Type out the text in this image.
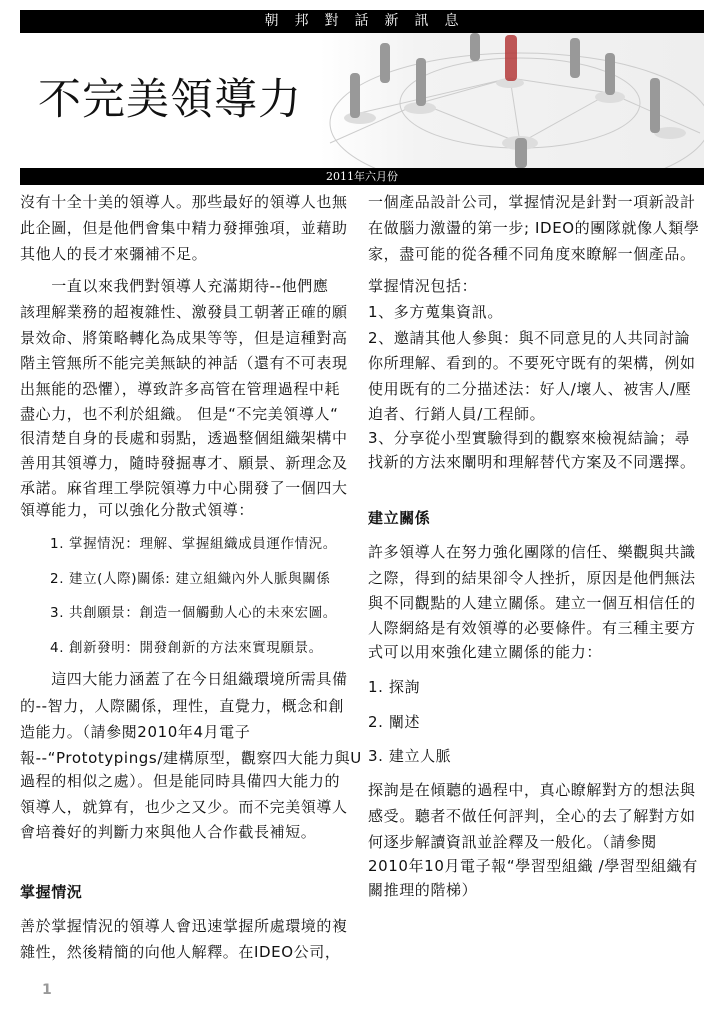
朝　邦　對　話　新　訊　息
不完美領導力
2011年六月份
沒有十全十美的領導人。那些最好的領導人也無
此企圖，但是他們會集中精力發揮強項，並藉助
其他人的長才來彌補不足。
　　一直以來我們對領導人充滿期待--他們應
該理解業務的超複雜性、激發員工朝著正確的願
景效命、將策略轉化為成果等等，但是這種對高
階主管無所不能完美無缺的神話（還有不可表現
出無能的恐懼），導致許多高管在管理過程中耗
盡心力，也不利於組織。 但是“不完美領導人“
很清楚自身的長處和弱點，透過整個組織架構中
善用其領導力，隨時發掘專才、願景、新理念及
承諾。麻省理工學院領導力中心開發了一個四大
領導能力，可以強化分散式領導：
1. 掌握情況：理解、掌握組織成員運作情況。
2. 建立(人際)關係: 建立組織內外人脈與關係
3. 共創願景：創造一個觸動人心的未來宏圖。
4. 創新發明：開發創新的方法來實現願景。
　　這四大能力涵蓋了在今日組織環境所需具備
的--智力，人際關係，理性，直覺力，概念和創
造能力。（請參閱2010年4月電子
報--“Prototypings/建構原型，觀察四大能力與U
過程的相似之處）。但是能同時具備四大能力的
領導人，就算有，也少之又少。而不完美領導人
會培養好的判斷力來與他人合作截長補短。
掌握情況
善於掌握情況的領導人會迅速掌握所處環境的複
雜性，然後精簡的向他人解釋。在IDEO公司，
一個產品設計公司，掌握情況是針對一項新設計
在做腦力激盪的第一步; IDEO的團隊就像人類學
家，盡可能的從各種不同角度來瞭解一個產品。
掌握情況包括：
1、多方蒐集資訊。
2、邀請其他人參與：與不同意見的人共同討論
你所理解、看到的。不要死守既有的架構，例如
使用既有的二分描述法：好人/壞人、被害人/壓
迫者、行銷人員/工程師。
3、分享從小型實驗得到的觀察來檢視結論；尋
找新的方法來闡明和理解替代方案及不同選擇。
建立關係
許多領導人在努力強化團隊的信任、樂觀與共識
之際，得到的結果卻令人挫折，原因是他們無法
與不同觀點的人建立關係。建立一個互相信任的
人際網絡是有效領導的必要條件。有三種主要方
式可以用來強化建立關係的能力：
1. 探詢
2. 闡述
3. 建立人脈
探詢是在傾聽的過程中，真心瞭解對方的想法與
感受。聽者不做任何評判，全心的去了解對方如
何逐步解讀資訊並詮釋及一般化。（請參閱
2010年10月電子報“學習型組織 /學習型組織有
關推理的階梯）
1
